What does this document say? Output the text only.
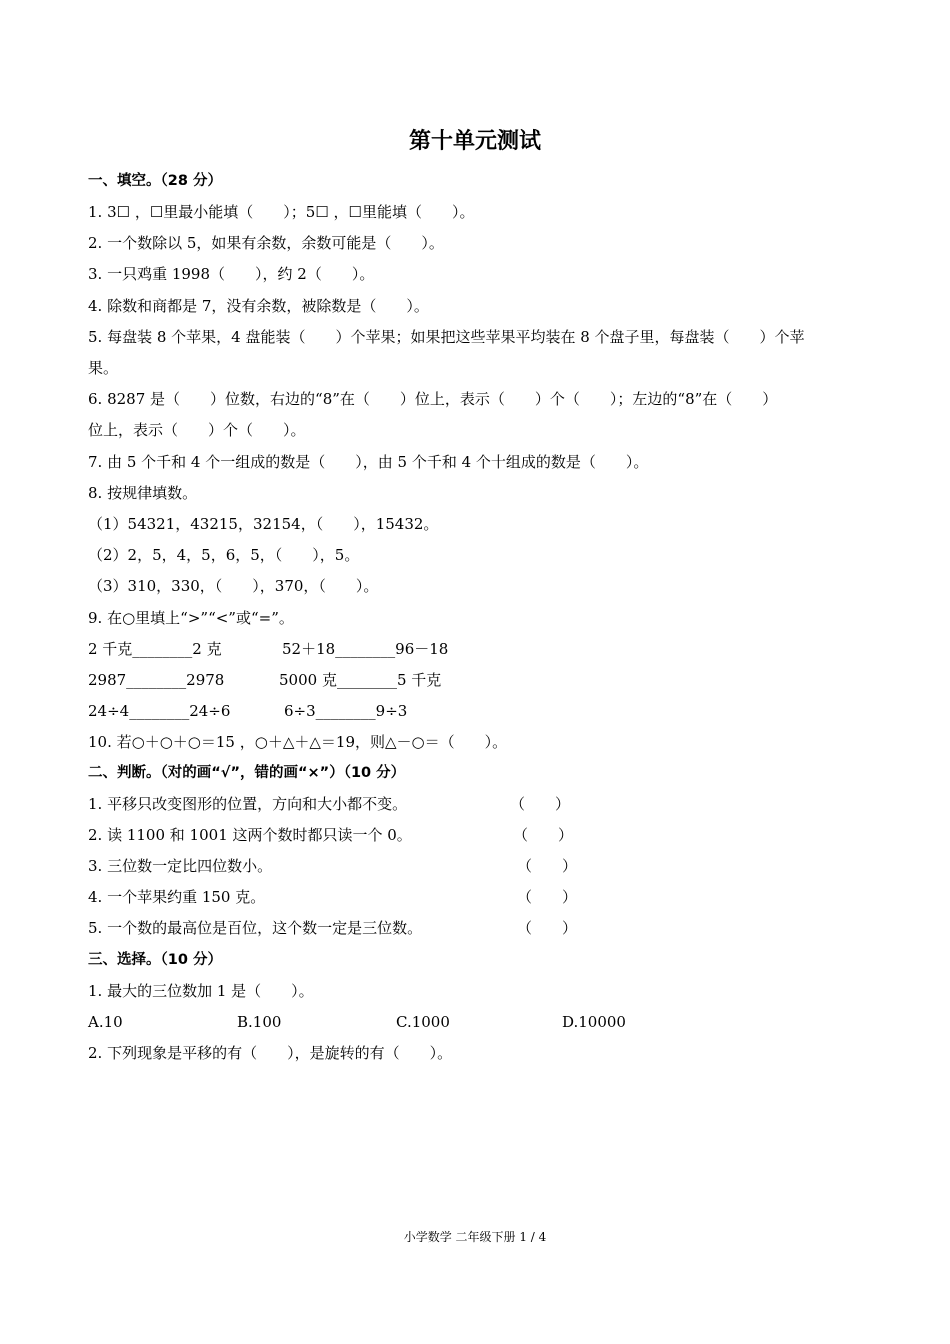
第十单元测试
一、填空。（28 分）
1. 3☐ ，☐里最小能填（　　）；5☐ ，☐里能填（　　）。
2. 一个数除以 5，如果有余数，余数可能是（　　）。
3. 一只鸡重 1998（　　），约 2（　　）。
4. 除数和商都是 7，没有余数，被除数是（　　）。
5. 每盘装 8 个苹果，4 盘能装（　　）个苹果；如果把这些苹果平均装在 8 个盘子里，每盘装（　　）个苹
果。
6. 8287 是（　　）位数，右边的“8”在（　　）位上，表示（　　）个（　　）；左边的“8”在（　　）
位上，表示（　　）个（　　）。
7. 由 5 个千和 4 个一组成的数是（　　），由 5 个千和 4 个十组成的数是（　　）。
8. 按规律填数。
（1）54321，43215，32154，（　　），15432。
（2）2，5，4，5，6，5，（　　），5。
（3）310，330，（　　），370，（　　）。
9. 在○里填上“>”“<”或“=”。
2 千克________2 克	52＋18________96－18
2987________2978	5000 克________5 千克
24÷4________24÷6	6÷3________9÷3
10. 若○＋○＋○＝15 ，○＋△＋△＝19，则△－○＝（　　）。
二、判断。（对的画“√”，错的画“×”）（10 分）
1. 平移只改变图形的位置，方向和大小都不变。	（　　）
2. 读 1100 和 1001 这两个数时都只读一个 0。	（　　）
3. 三位数一定比四位数小。	（　　）
4. 一个苹果约重 150 克。	（　　）
5. 一个数的最高位是百位，这个数一定是三位数。	（　　）
三、选择。（10 分）
1. 最大的三位数加 1 是（　　）。
A.10	B.100	C.1000	D.10000
2. 下列现象是平移的有（　　），是旋转的有（　　）。
小学数学 二年级下册 1 / 4
